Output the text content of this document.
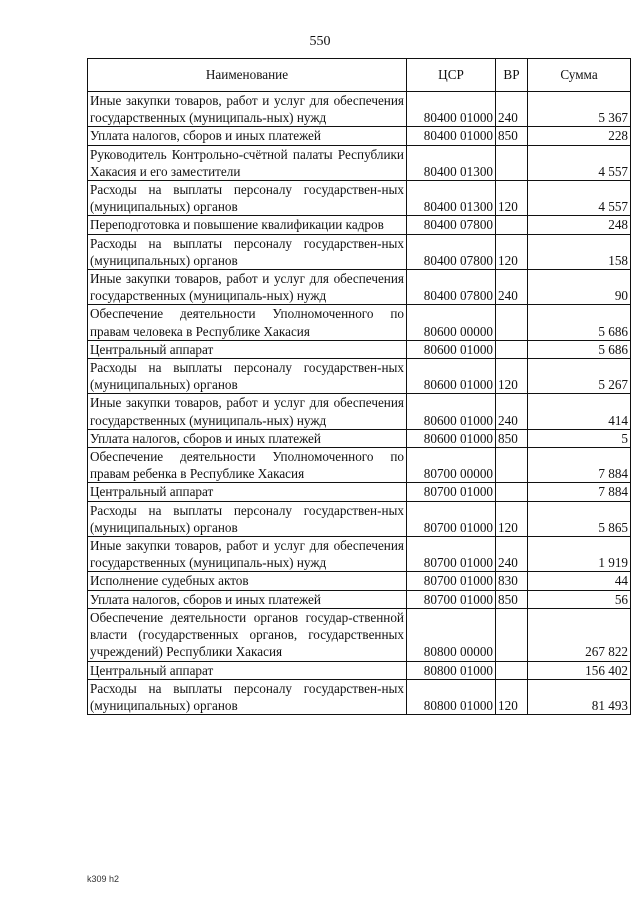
550
Наименование	ЦСР	ВР	Сумма
Иные закупки товаров, работ и услуг для обеспечения государственных (муниципаль-ных) нужд	80400 01000	240	5 367
Уплата налогов, сборов и иных платежей	80400 01000	850	228
Руководитель Контрольно-счётной палаты Республики Хакасия и его заместители	80400 01300		4 557
Расходы на выплаты персоналу государствен-ных (муниципальных) органов	80400 01300	120	4 557
Переподготовка и повышение квалификации кадров	80400 07800		248
Расходы на выплаты персоналу государствен-ных (муниципальных) органов	80400 07800	120	158
Иные закупки товаров, работ и услуг для обеспечения государственных (муниципаль-ных) нужд	80400 07800	240	90
Обеспечение деятельности Уполномоченного по правам человека в Республике Хакасия	80600 00000		5 686
Центральный аппарат	80600 01000		5 686
Расходы на выплаты персоналу государствен-ных (муниципальных) органов	80600 01000	120	5 267
Иные закупки товаров, работ и услуг для обеспечения государственных (муниципаль-ных) нужд	80600 01000	240	414
Уплата налогов, сборов и иных платежей	80600 01000	850	5
Обеспечение деятельности Уполномоченного по правам ребенка в Республике Хакасия	80700 00000		7 884
Центральный аппарат	80700 01000		7 884
Расходы на выплаты персоналу государствен-ных (муниципальных) органов	80700 01000	120	5 865
Иные закупки товаров, работ и услуг для обеспечения государственных (муниципаль-ных) нужд	80700 01000	240	1 919
Исполнение судебных актов	80700 01000	830	44
Уплата налогов, сборов и иных платежей	80700 01000	850	56
Обеспечение деятельности органов государ-ственной власти (государственных органов, государственных учреждений) Республики Хакасия	80800 00000		267 822
Центральный аппарат	80800 01000		156 402
Расходы на выплаты персоналу государствен-ных (муниципальных) органов	80800 01000	120	81 493
k309 h2
